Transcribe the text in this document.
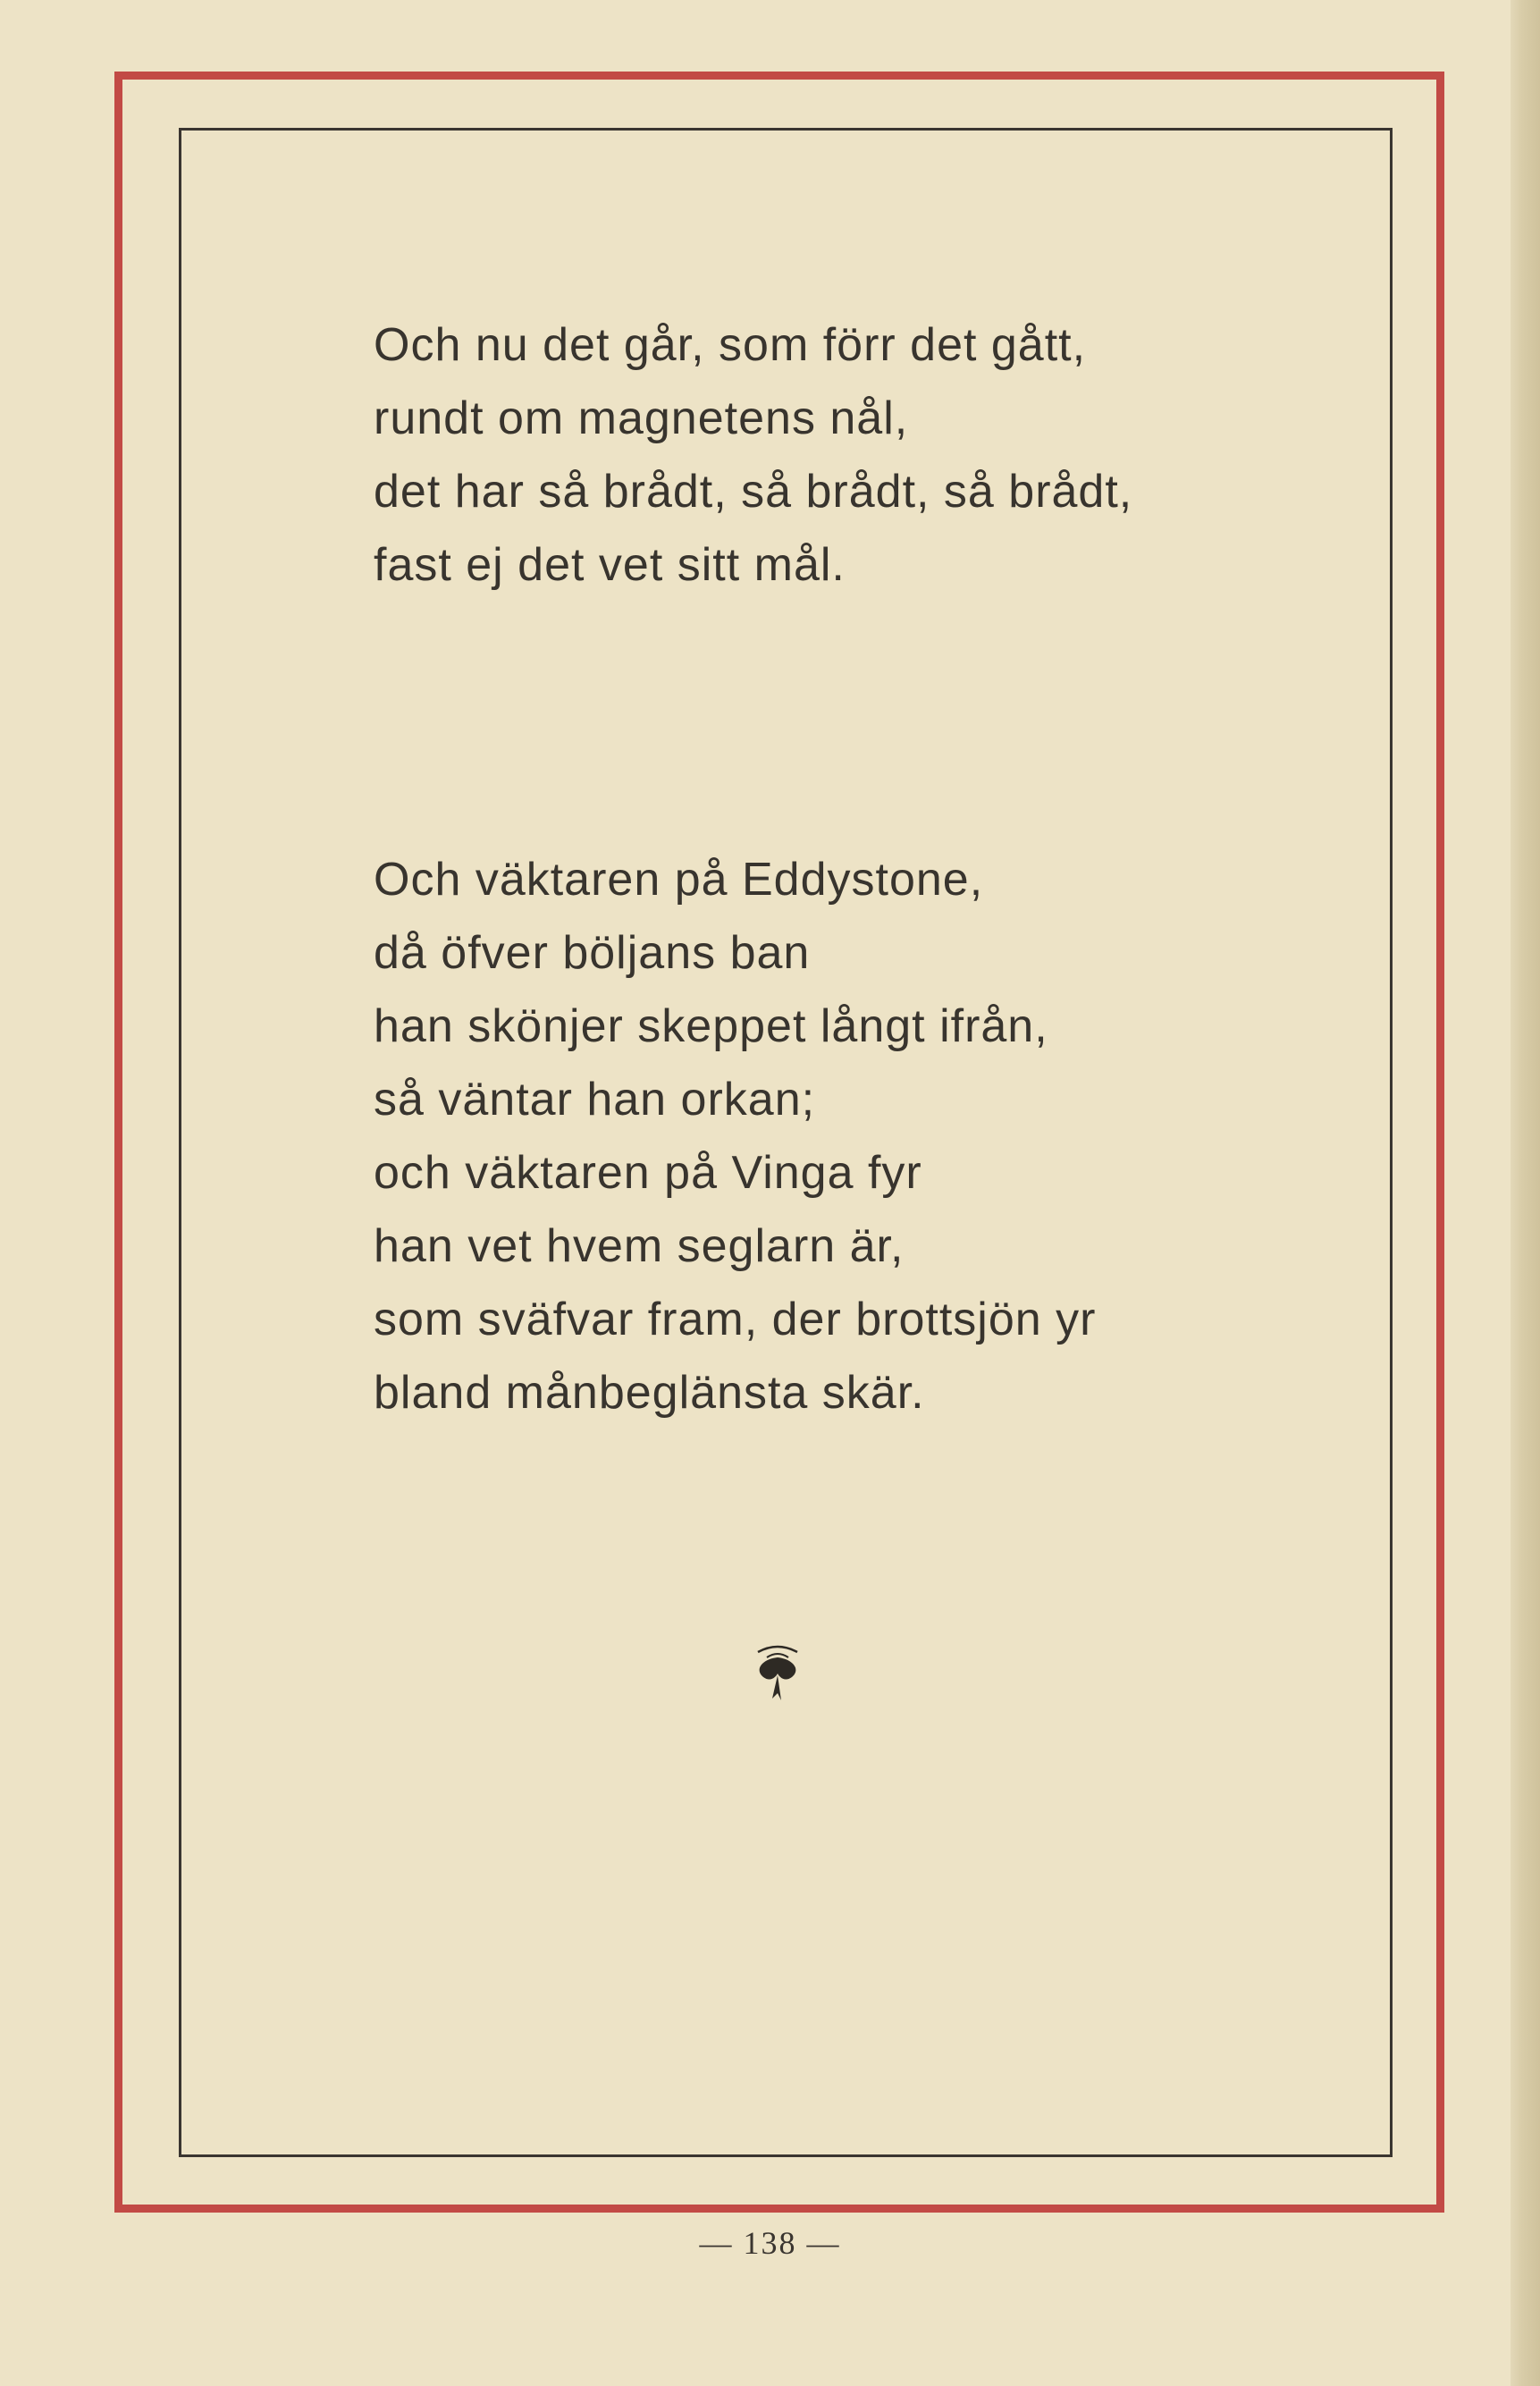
Och nu det går, som förr det gått,
rundt om magnetens nål,
det har så brådt, så brådt, så brådt,
fast ej det vet sitt mål.
Och väktaren på Eddystone,
då öfver böljans ban
han skönjer skeppet långt ifrån,
så väntar han orkan;
och väktaren på Vinga fyr
han vet hvem seglarn är,
som sväfvar fram, der brottsjön yr
bland månbeglänsta skär.
— 138 —
